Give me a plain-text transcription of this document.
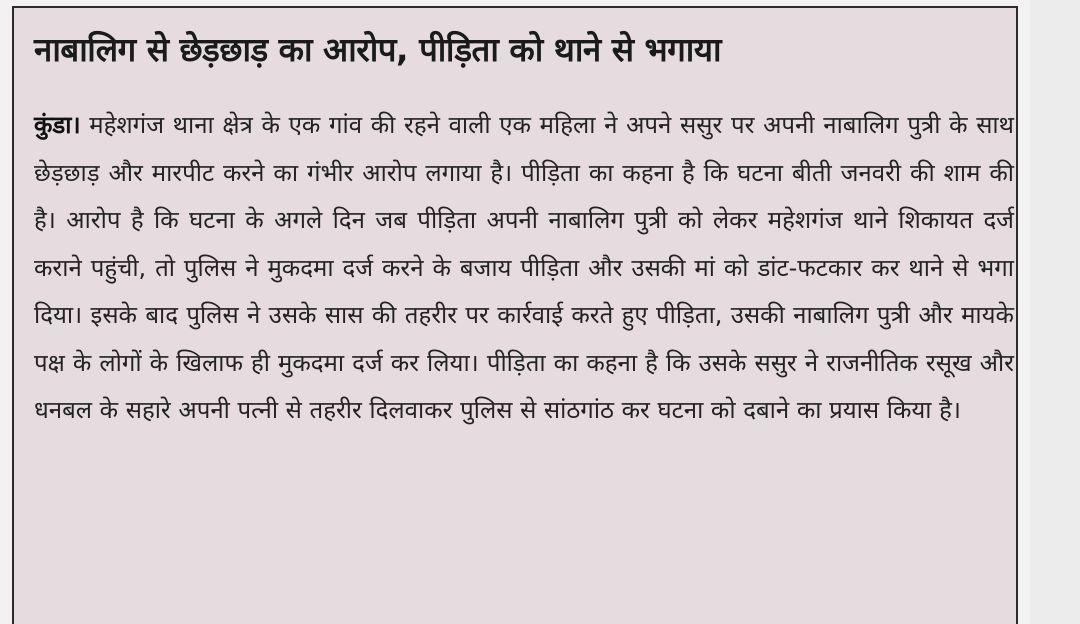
नाबालिग से छेड़छाड़ का आरोप, पीड़िता को थाने से भगाया

कुंडा। महेशगंज थाना क्षेत्र के एक गांव की रहने वाली एक महिला ने अपने ससुर पर अपनी नाबालिग पुत्री के साथ छेड़छाड़ और मारपीट करने का गंभीर आरोप लगाया है। पीड़िता का कहना है कि घटना बीती जनवरी की शाम की है। आरोप है कि घटना के अगले दिन जब पीड़िता अपनी नाबालिग पुत्री को लेकर महेशगंज थाने शिकायत दर्ज कराने पहुंची, तो पुलिस ने मुकदमा दर्ज करने के बजाय पीड़िता और उसकी मां को डांट-फटकार कर थाने से भगा दिया। इसके बाद पुलिस ने उसके सास की तहरीर पर कार्रवाई करते हुए पीड़िता, उसकी नाबालिग पुत्री और मायके पक्ष के लोगों के खिलाफ ही मुकदमा दर्ज कर लिया। पीड़िता का कहना है कि उसके ससुर ने राजनीतिक रसूख और धनबल के सहारे अपनी पत्नी से तहरीर दिलवाकर पुलिस से सांठगांठ कर घटना को दबाने का प्रयास किया है।
